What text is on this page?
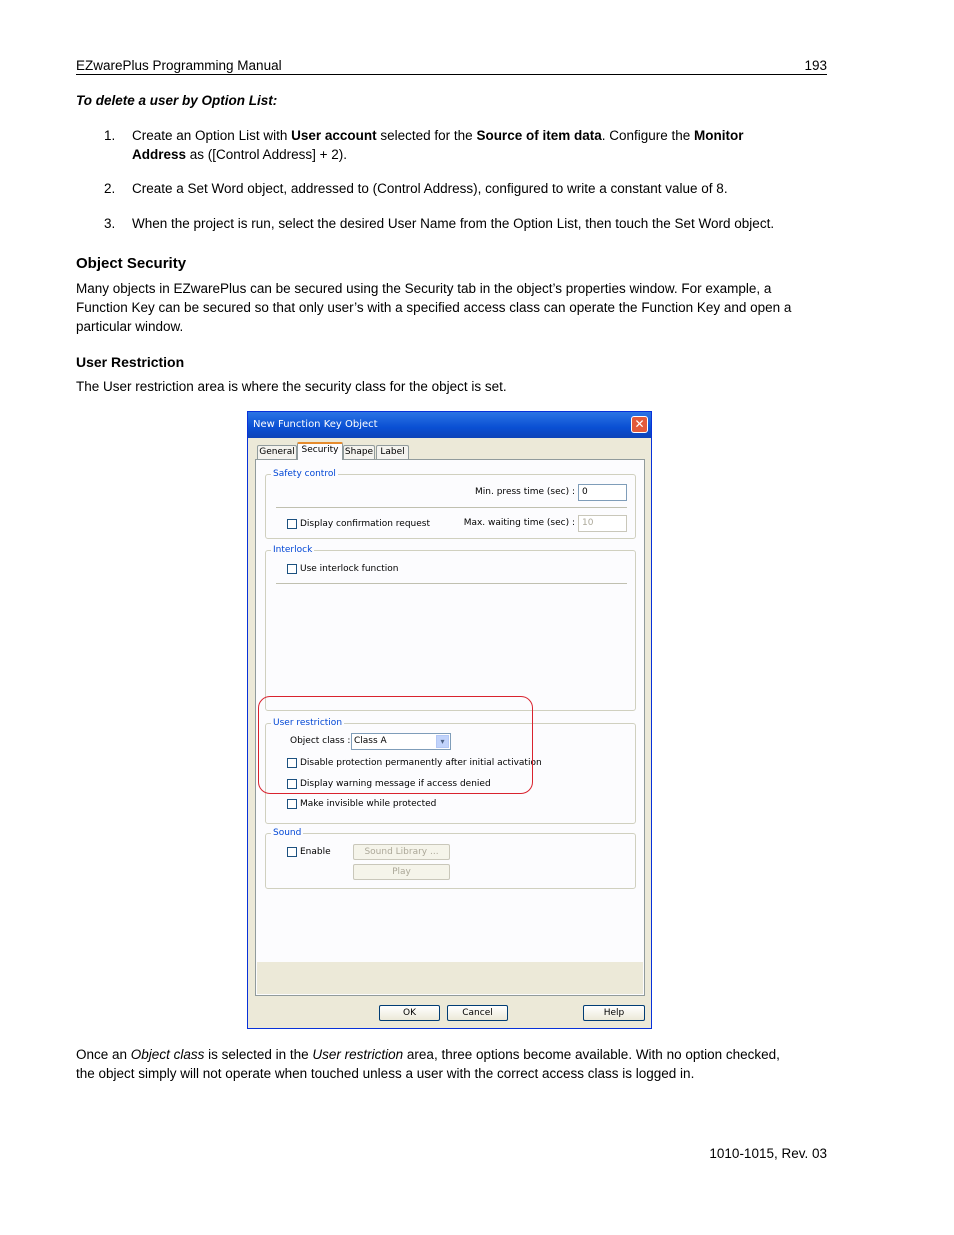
EZwarePlus Programming Manual	193
To delete a user by Option List:
1.	Create an Option List with User account selected for the Source of item data. Configure the Monitor
Address as ([Control Address] + 2).
2.	Create a Set Word object, addressed to (Control Address), configured to write a constant value of 8.
3.	When the project is run, select the desired User Name from the Option List, then touch the Set Word object.
Object Security
Many objects in EZwarePlus can be secured using the Security tab in the object’s properties window. For example, a
Function Key can be secured so that only user’s with a specified access class can operate the Function Key and open a
particular window.
User Restriction
The User restriction area is where the security class for the object is set.
Once an Object class is selected in the User restriction area, three options become available. With no option checked,
the object simply will not operate when touched unless a user with the correct access class is logged in.
1010-1015, Rev. 03
New Function Key Object	✕
General Security Shape Label
Safety control
Min. press time (sec) : 0
Display confirmation request	Max. waiting time (sec) : 10
Interlock
Use interlock function
User restriction
Object class : Class A	▾
Disable protection permanently after initial activation
Display warning message if access denied
Make invisible while protected
Sound
Enable	Sound Library ...
Play
OK	Cancel	Help
